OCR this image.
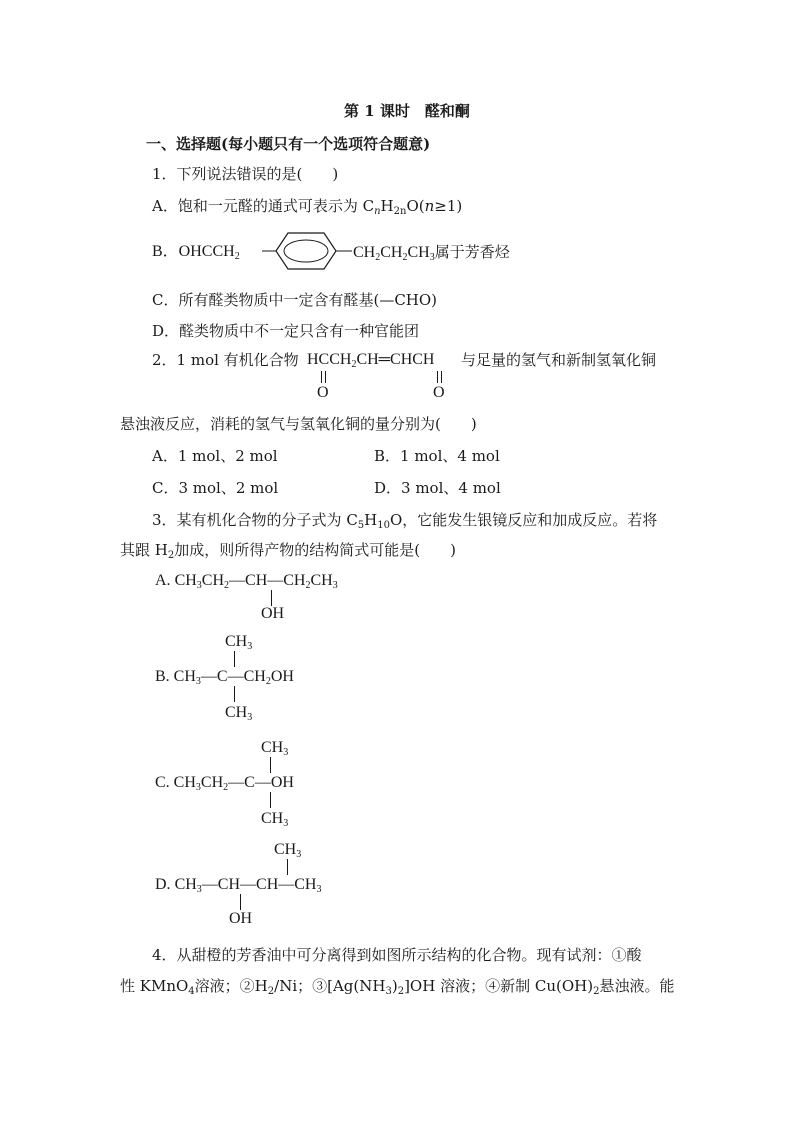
第 1 课时　醛和酮
一、选择题(每小题只有一个选项符合题意)
1．下列说法错误的是(　　)
A．饱和一元醛的通式可表示为 $C_nH_{2n}O(n\ge 1)$
B．$OHCCH_2$	$CH_2CH_2CH_3$属于芳香烃
C．所有醛类物质中一定含有醛基(—CHO)
D．醛类物质中不一定只含有一种官能团
2．1 mol 有机化合物 $HCCH_2CH═CHCH$ 与足量的氢气和新制氢氧化铜
O	O
悬浊液反应，消耗的氢气与氢氧化铜的量分别为(　　)
A．1 mol、2 mol	B．1 mol、4 mol
C．3 mol、2 mol	D．3 mol、4 mol
3．某有机化合物的分子式为 $C_5H_{10}O$，它能发生银镜反应和加成反应。若将
其跟 $H_2$加成，则所得产物的结构简式可能是(　　)
A. $CH_3CH_2—CH—CH_2CH_3$
OH
$CH_3$
B. $CH_3—C—CH_2OH$
$CH_3$
$CH_3$
C. $CH_3CH_2—C—OH$
$CH_3$
$CH_3$
D. $CH_3—CH—CH—CH_3$
OH
4．从甜橙的芳香油中可分离得到如图所示结构的化合物。现有试剂：①酸
性 KMnO$_4$溶液；$②H_2/Ni$；$③[Ag(NH_3)_2]OH$ 溶液；④新制 $Cu(OH)_2$悬浊液。能
